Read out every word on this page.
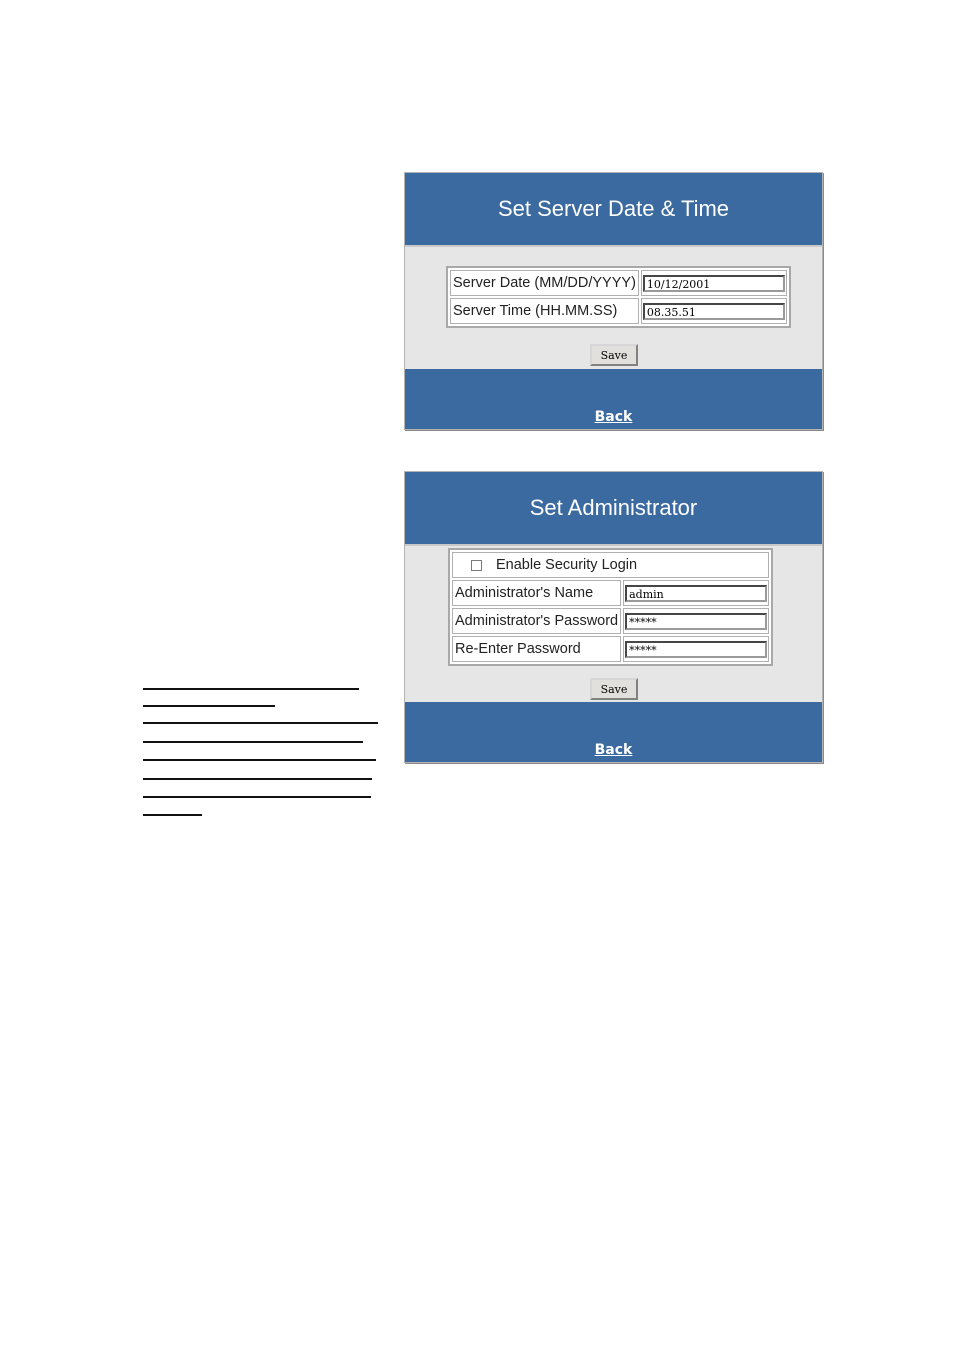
Set Server Date & Time
Server Date (MM/DD/YYYY)	10/12/2001

Server Time (HH.MM.SS)	08.35.51
Save
Back
Set Administrator
Enable Security Login	
Administrator's Name	admin

Administrator's Password	*****

Re-Enter Password	*****
Save
Back
